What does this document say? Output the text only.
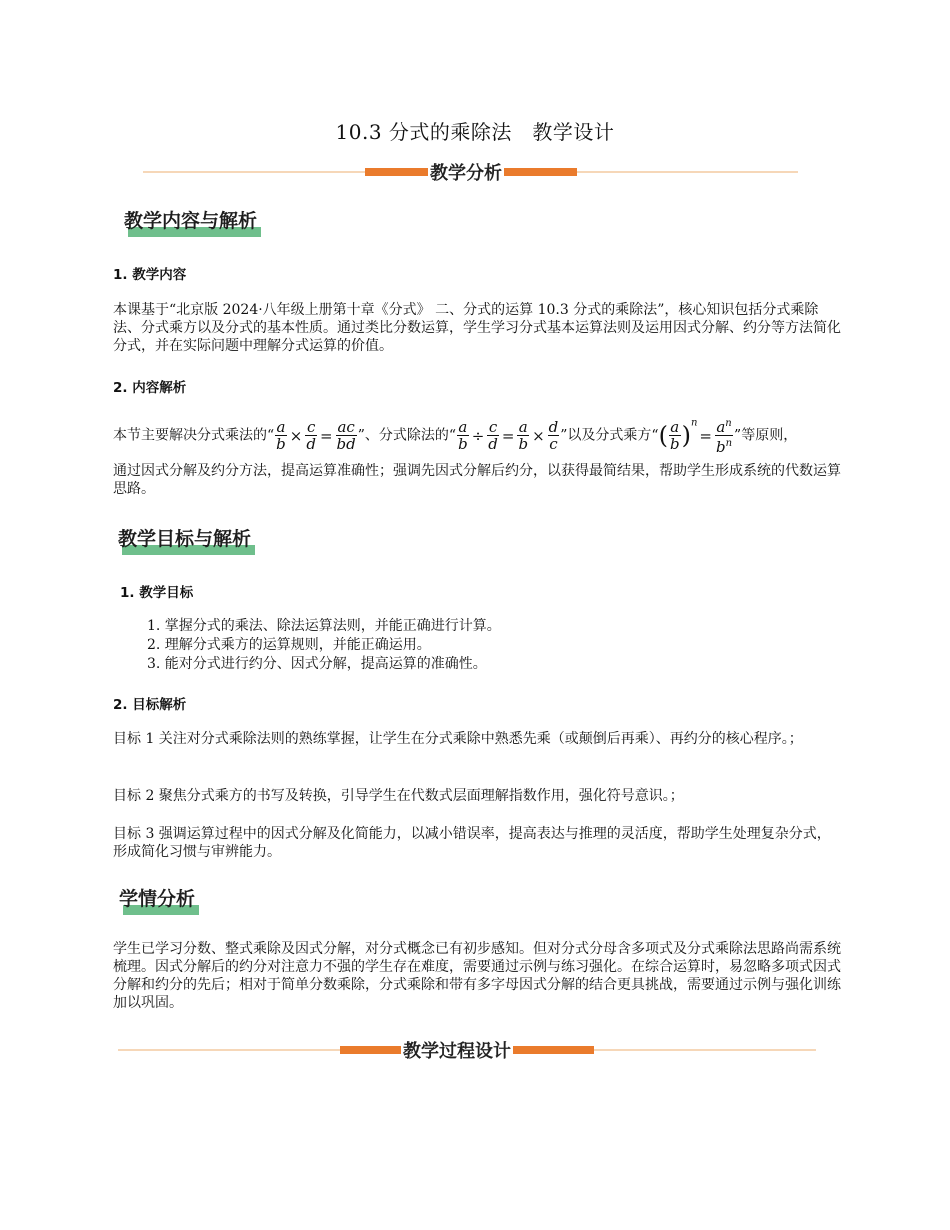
10.3 分式的乘除法　教学设计
教学分析
教学内容与解析
1. 教学内容
本课基于“北京版 2024·八年级上册第十章《分式》 二、分式的运算 10.3 分式的乘除法”，核心知识包括分式乘除法、分式乘方以及分式的基本性质。通过类比分数运算，学生学习分式基本运算法则及运用因式分解、约分等方法简化分式，并在实际问题中理解分式运算的价值。
2. 内容解析
本节主要解决分式乘法的“ $\frac{a}{b} \times \frac{c}{d} = \frac{ac}{bd}$ ”、分式除法的“ $\frac{a}{b} \div \frac{c}{d} = \frac{a}{b} \times \frac{d}{c}$ ”以及分式乘方“( $\frac{a}{b} )^n= \frac{a^n}{b^n}$ ”等原则，
通过因式分解及约分方法，提高运算准确性；强调先因式分解后约分，以获得最简结果，帮助学生形成系统的代数运算思路。
教学目标与解析
1. 教学目标
1. 掌握分式的乘法、除法运算法则，并能正确进行计算。
2. 理解分式乘方的运算规则，并能正确运用。
3. 能对分式进行约分、因式分解，提高运算的准确性。
2. 目标解析
目标 1 关注对分式乘除法则的熟练掌握，让学生在分式乘除中熟悉先乘（或颠倒后再乘）、再约分的核心程序。；
目标 2 聚焦分式乘方的书写及转换，引导学生在代数式层面理解指数作用，强化符号意识。；
目标 3 强调运算过程中的因式分解及化简能力，以减小错误率，提高表达与推理的灵活度，帮助学生处理复杂分式，形成简化习惯与审辨能力。
学情分析
学生已学习分数、整式乘除及因式分解，对分式概念已有初步感知。但对分式分母含多项式及分式乘除法思路尚需系统梳理。因式分解后的约分对注意力不强的学生存在难度，需要通过示例与练习强化。在综合运算时，易忽略多项式因式分解和约分的先后；相对于简单分数乘除，分式乘除和带有多字母因式分解的结合更具挑战，需要通过示例与强化训练加以巩固。
教学过程设计
